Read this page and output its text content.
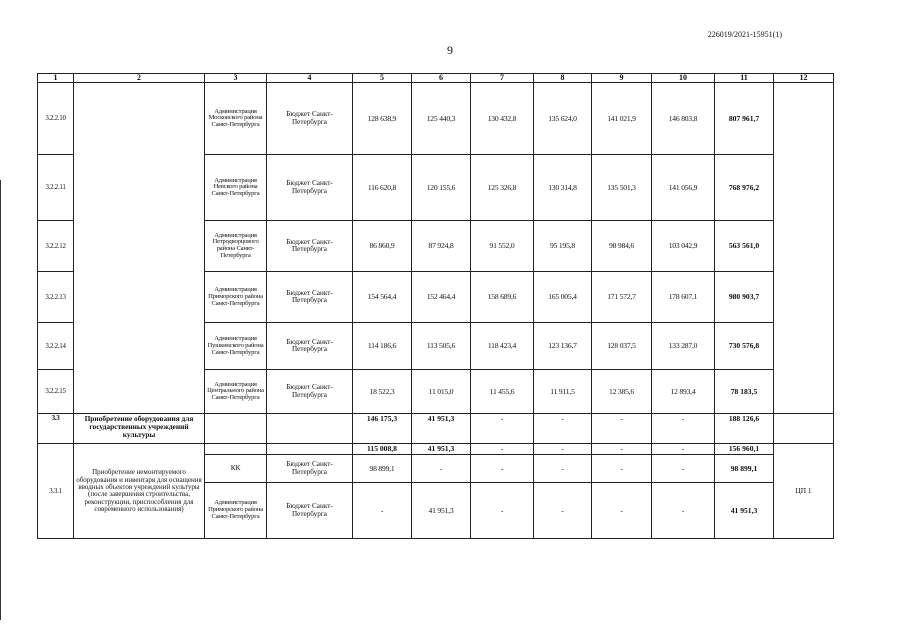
226019/2021-15951(1)
9
1	2	3	4	5	6	7	8	9	10	11	12
3.2.2.10		Администрация Московского района Санкт-Петербурга	Бюджет Санкт-Петербурга	128 638,9	125 440,3	130 432,8	135 624,0	141 021,9	146 803,8	807 961,7	
3.2.2.11		Администрация Невского района Санкт-Петербурга	Бюджет Санкт-Петербурга	116 620,8	120 155,6	125 326,8	130 314,8	135 501,3	141 056,9	768 976,2	
3.2.2.12		Администрация Петродворцового района Санкт-Петербурга	Бюджет Санкт-Петербурга	86 860,9	87 924,8	91 552,0	95 195,8	98 984,6	103 042,9	563 561,0	
3.2.2.13		Администрация Приморского района Санкт-Петербурга	Бюджет Санкт-Петербурга	154 564,4	152 464,4	158 689,6	165 005,4	171 572,7	178 607,1	980 903,7	
3.2.2.14		Администрация Пушкинского района Санкт-Петербурга	Бюджет Санкт-Петербурга	114 186,6	113 505,6	118 423,4	123 136,7	128 037,5	133 287,0	730 576,8	
3.2.2.15		Администрация Центрального района Санкт-Петербурга	Бюджет Санкт-Петербурга	18 522,3	11 015,0	11 455,6	11 911,5	12 385,6	12 893,4	78 183,5	
3.3	Приобретение оборудования для государственных учреждений культуры			146 175,3	41 951,3	-	-	-	-	188 126,6	
3.3.1	Приобретение немонтируемого оборудования и инвентаря для оснащения вводных объектов учреждений культуры (после завершения строительства, реконструкции, приспособления для современного использования)			115 008,8	41 951,3	-	-	-	-	156 960,1	ЦП 1
		КК	Бюджет Санкт-Петербурга	98 899,1	-	-	-	-	-	98 899,1	
		Администрация Приморского района Санкт-Петербурга	Бюджет Санкт-Петербурга	-	41 951,3	-	-	-	-	41 951,3	
